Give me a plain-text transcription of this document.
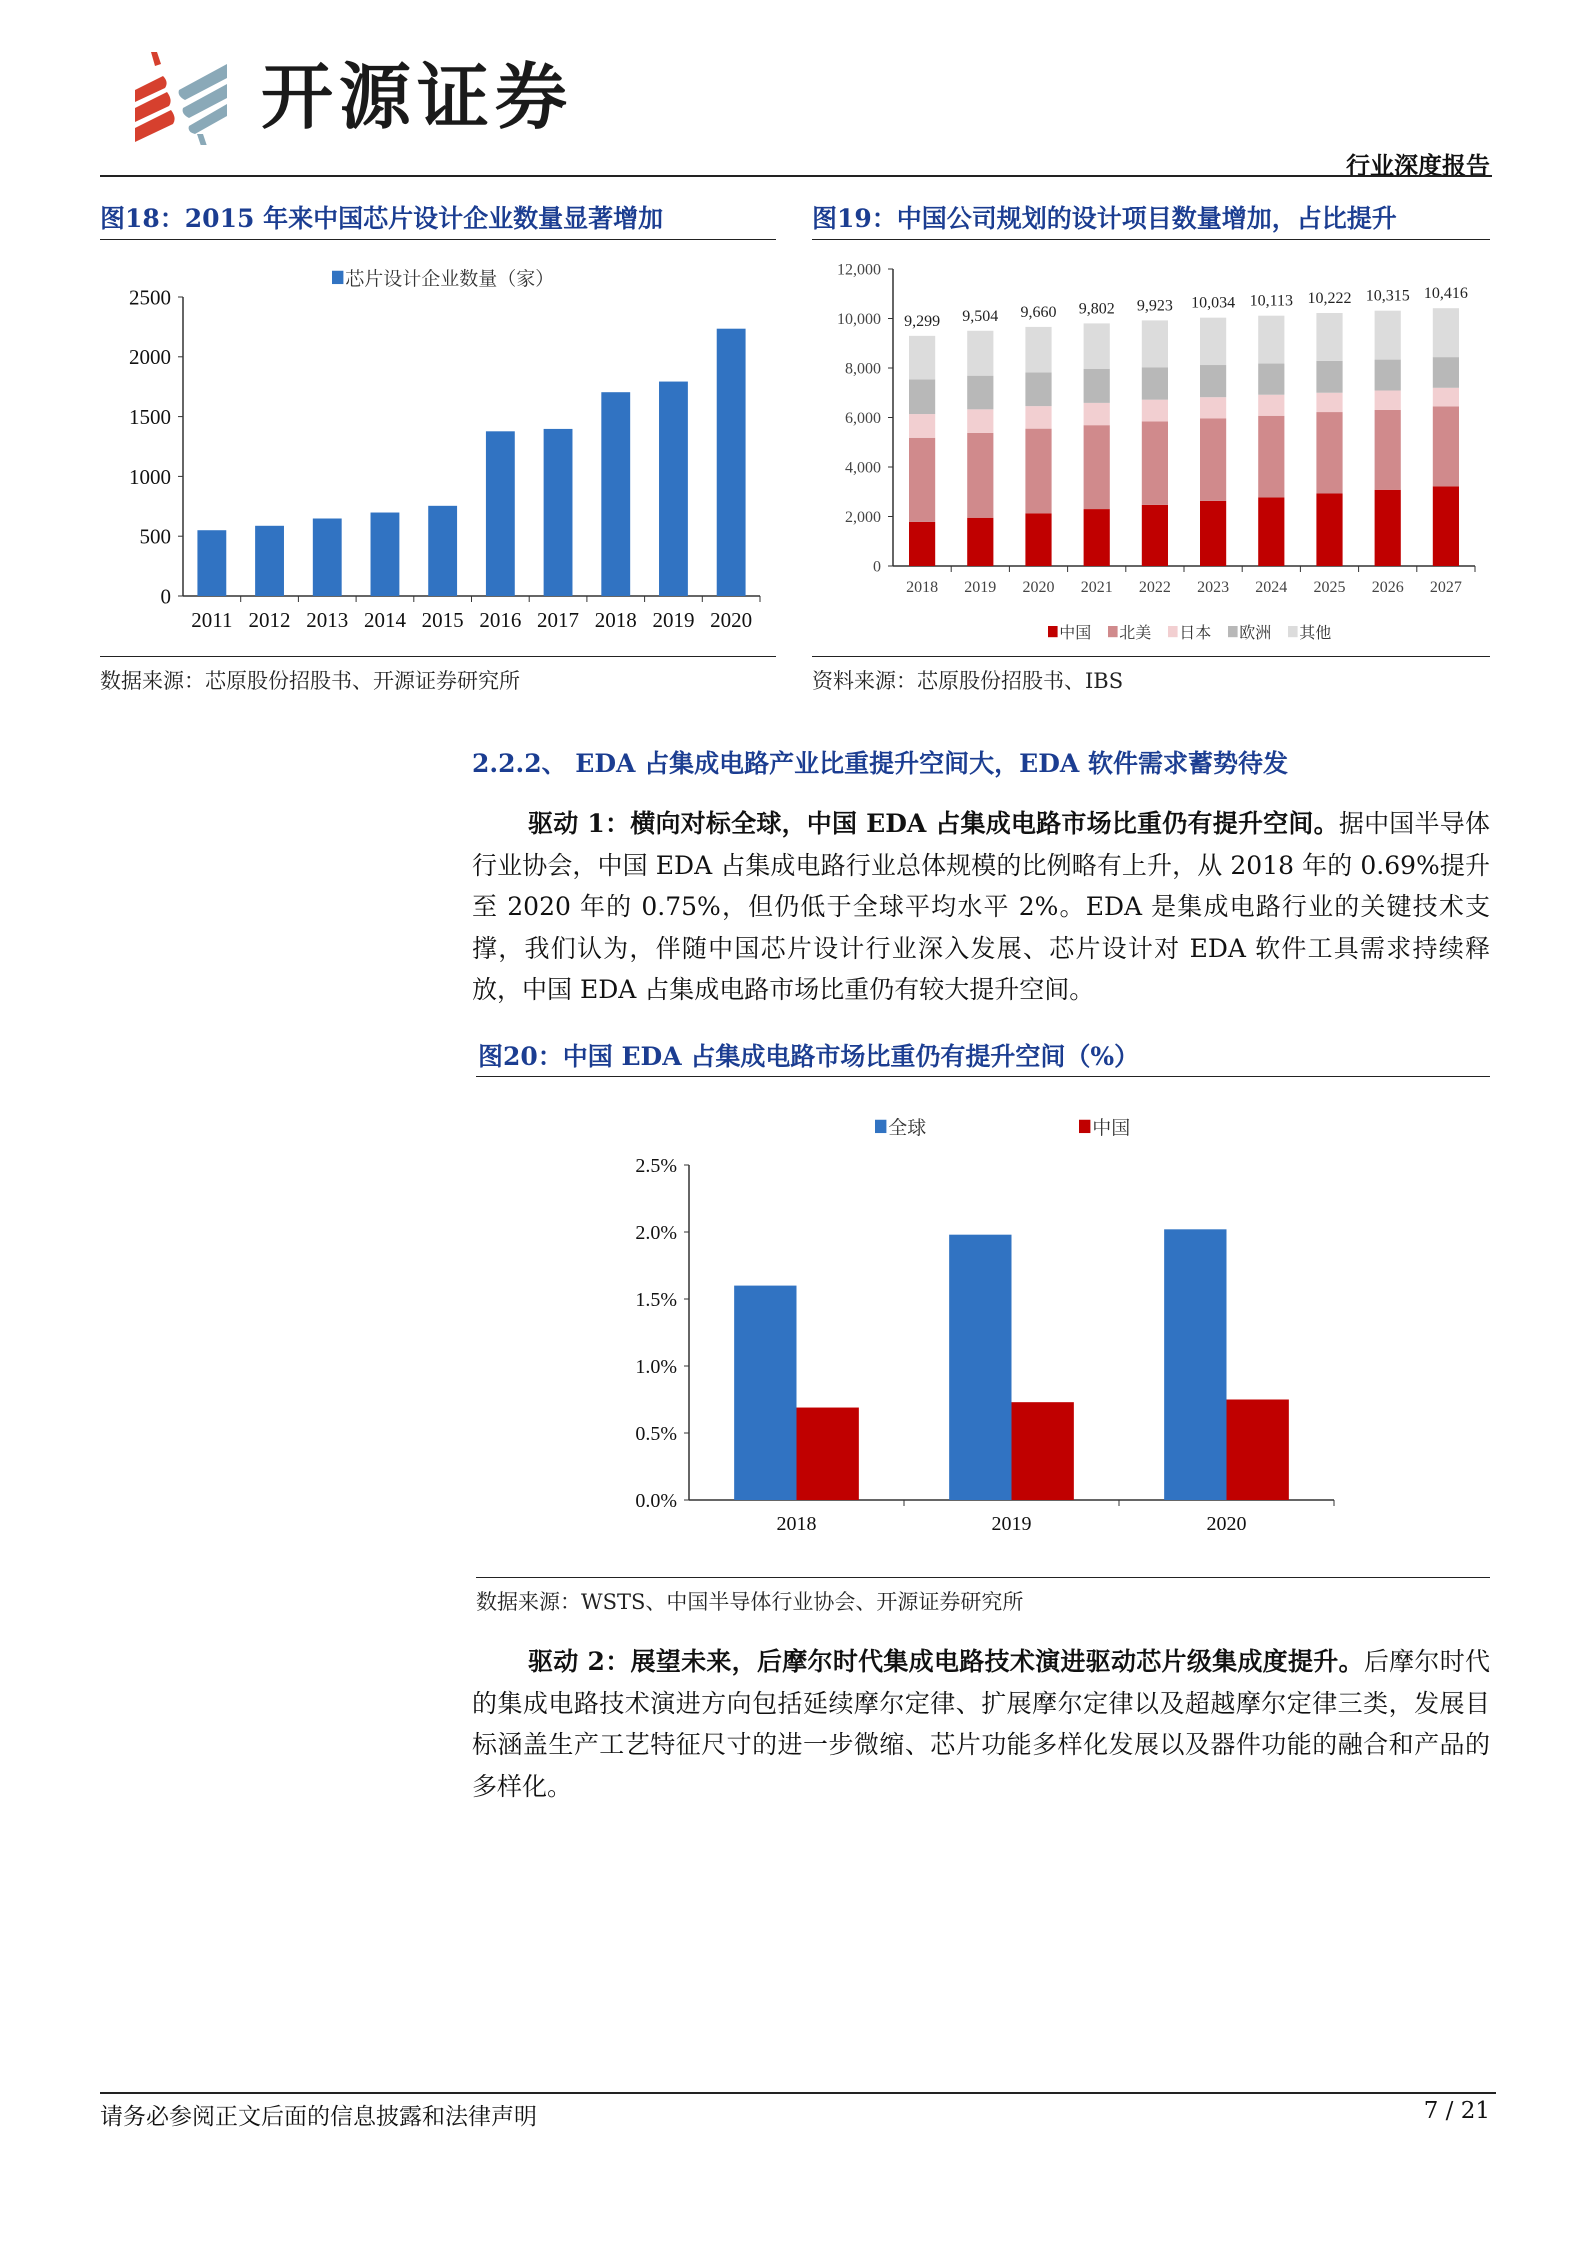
开源证券
行业深度报告
图18：2015 年来中国芯片设计企业数量显著增加
0
500
1000
1500
2000
2500
2011 2012 2013 2014 2015 2016 2017 2018 2019 2020
芯片设计企业数量（家）
数据来源：芯原股份招股书、开源证券研究所
图19：中国公司规划的设计项目数量增加，占比提升
0
2,000
4,000
6,000
8,000
10,000
12,000
2018
9,299
2019
9,504
2020
9,660
2021
9,802
2022
9,923
2023
10,034
2024
10,113
2025
10,222
2026
10,315
2027
10,416
中国 北美 日本 欧洲 其他
资料来源：芯原股份招股书、IBS
2.2.2、 EDA 占集成电路产业比重提升空间大，EDA 软件需求蓄势待发

驱动 1：横向对标全球，中国 EDA 占集成电路市场比重仍有提升空间。据中国半导体行业协会，中国 EDA 占集成电路行业总体规模的比例略有上升，从 2018 年的 0.69%提升至 2020 年的 0.75%，但仍低于全球平均水平 2%。EDA 是集成电路行业的关键技术支撑，我们认为，伴随中国芯片设计行业深入发展、芯片设计对 EDA 软件工具需求持续释放，中国 EDA 占集成电路市场比重仍有较大提升空间。

图20：中国 EDA 占集成电路市场比重仍有提升空间（%）
0.0%
0.5%
1.0%
1.5%
2.0%
2.5%
2018	2019	2020
全球	中国
数据来源：WSTS、中国半导体行业协会、开源证券研究所

驱动 2：展望未来，后摩尔时代集成电路技术演进驱动芯片级集成度提升。后摩尔时代的集成电路技术演进方向包括延续摩尔定律、扩展摩尔定律以及超越摩尔定律三类，发展目标涵盖生产工艺特征尺寸的进一步微缩、芯片功能多样化发展以及器件功能的融合和产品的多样化。

请务必参阅正文后面的信息披露和法律声明	7 / 21
